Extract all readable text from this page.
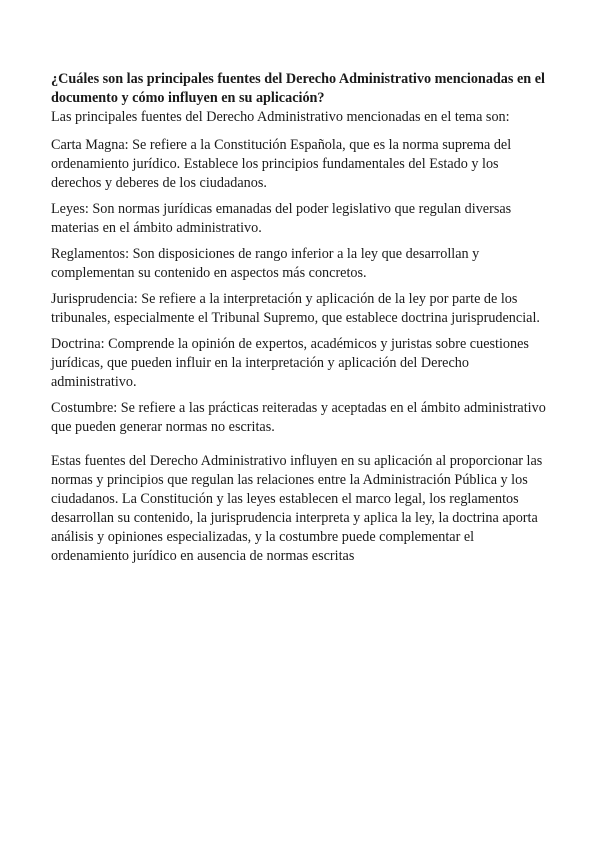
¿Cuáles son las principales fuentes del Derecho Administrativo mencionadas en el documento y cómo influyen en su aplicación?

Las principales fuentes del Derecho Administrativo mencionadas en el tema son:

Carta Magna: Se refiere a la Constitución Española, que es la norma suprema del ordenamiento jurídico. Establece los principios fundamentales del Estado y los derechos y deberes de los ciudadanos.

Leyes: Son normas jurídicas emanadas del poder legislativo que regulan diversas materias en el ámbito administrativo.

Reglamentos: Son disposiciones de rango inferior a la ley que desarrollan y complementan su contenido en aspectos más concretos.

Jurisprudencia: Se refiere a la interpretación y aplicación de la ley por parte de los tribunales, especialmente el Tribunal Supremo, que establece doctrina jurisprudencial.

Doctrina: Comprende la opinión de expertos, académicos y juristas sobre cuestiones jurídicas, que pueden influir en la interpretación y aplicación del Derecho administrativo.

Costumbre: Se refiere a las prácticas reiteradas y aceptadas en el ámbito administrativo que pueden generar normas no escritas.

Estas fuentes del Derecho Administrativo influyen en su aplicación al proporcionar las normas y principios que regulan las relaciones entre la Administración Pública y los ciudadanos. La Constitución y las leyes establecen el marco legal, los reglamentos desarrollan su contenido, la jurisprudencia interpreta y aplica la ley, la doctrina aporta análisis y opiniones especializadas, y la costumbre puede complementar el ordenamiento jurídico en ausencia de normas escritas
